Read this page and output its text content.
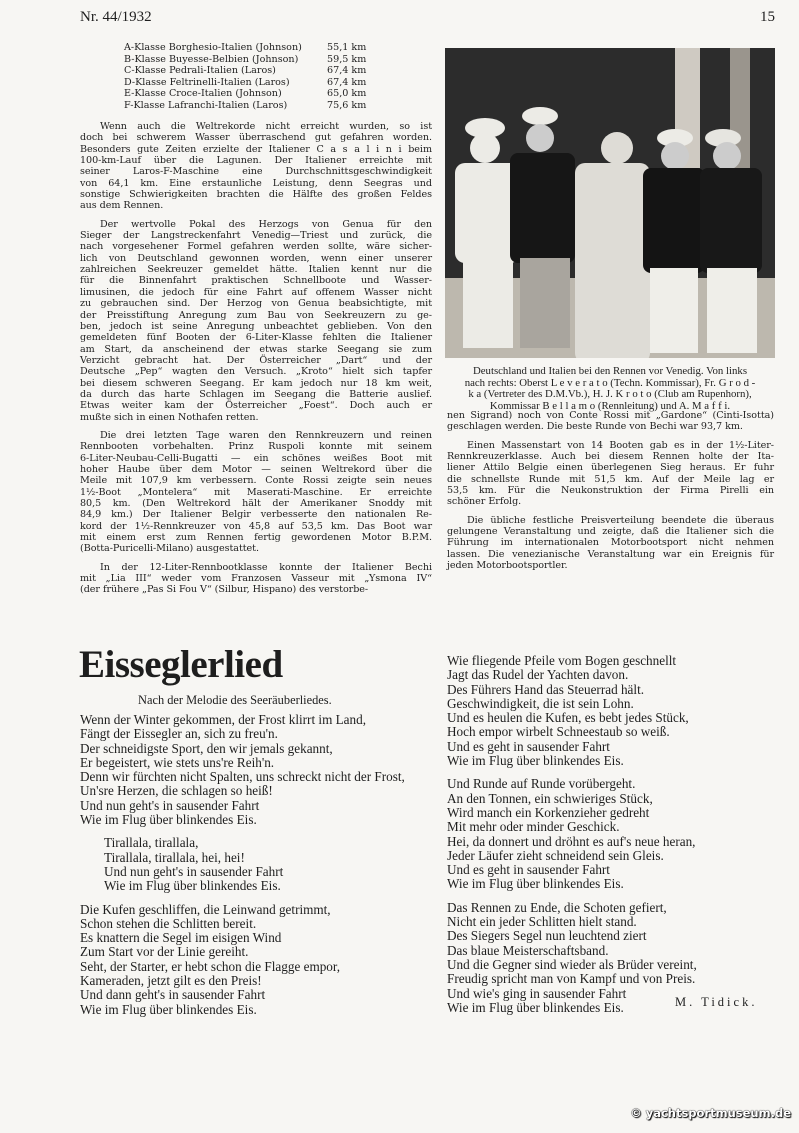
Nr. 44/1932	15
A-Klasse Borghesio-Italien (Johnson)	55,1 km
B-Klasse Buyesse-Belbien (Johnson)	59,5 km
C-Klasse Pedrali-Italien (Laros)	67,4 km
D-Klasse Feltrinelli-Italien (Laros)	67,4 km
E-Klasse Croce-Italien (Johnson)	65,0 km
F-Klasse Lafranchi-Italien (Laros)	75,6 km
Wenn auch die Weltrekorde nicht erreicht wurden, so ist
doch bei schwerem Wasser überraschend gut gefahren worden.
Besonders gute Zeiten erzielte der Italiener C a s a l i n i beim
100-km-Lauf über die Lagunen. Der Italiener erreichte mit
seiner Laros-F-Maschine eine Durchschnittsgeschwindigkeit
von 64,1 km. Eine erstaunliche Leistung, denn Seegras und
sonstige Schwierigkeiten brachten die Hälfte des großen Feldes
aus dem Rennen.
Der wertvolle Pokal des Herzogs von Genua für den
Sieger der Langstreckenfahrt Venedig—Triest und zurück, die
nach vorgesehener Formel gefahren werden sollte, wäre sicher-
lich von Deutschland gewonnen worden, wenn einer unserer
zahlreichen Seekreuzer gemeldet hätte. Italien kennt nur die
für die Binnenfahrt praktischen Schnellboote und Wasser-
limusinen, die jedoch für eine Fahrt auf offenem Wasser nicht
zu gebrauchen sind. Der Herzog von Genua beabsichtigte, mit
der Preisstiftung Anregung zum Bau von Seekreuzern zu ge-
ben, jedoch ist seine Anregung unbeachtet geblieben. Von den
gemeldeten fünf Booten der 6-Liter-Klasse fehlten die Italiener
am Start, da anscheinend der etwas starke Seegang sie zum
Verzicht gebracht hat. Der Österreicher „Dart“ und der
Deutsche „Pep“ wagten den Versuch. „Kroto“ hielt sich tapfer
bei diesem schweren Seegang. Er kam jedoch nur 18 km weit,
da durch das harte Schlagen im Seegang die Batterie auslief.
Etwas weiter kam der Österreicher „Foest“. Doch auch er
mußte sich in einen Nothafen retten.
Die drei letzten Tage waren den Rennkreuzern und reinen
Rennbooten vorbehalten. Prinz Ruspoli konnte mit seinem
6-Liter-Neubau-Celli-Bugatti — ein schönes weißes Boot mit
hoher Haube über dem Motor — seinen Weltrekord über die
Meile mit 107,9 km verbessern. Conte Rossi zeigte sein neues
1½-Boot „Montelera“ mit Maserati-Maschine. Er erreichte
80,5 km. (Den Weltrekord hält der Amerikaner Snoddy mit
84,9 km.) Der Italiener Belgir verbesserte den nationalen Re-
kord der 1½-Rennkreuzer von 45,8 auf 53,5 km. Das Boot war
mit einem erst zum Rennen fertig gewordenen Motor B.P.M.
(Botta-Puricelli-Milano) ausgestattet.
In der 12-Liter-Rennbootklasse konnte der Italiener Bechi
mit „Lia III“ weder vom Franzosen Vasseur mit „Ysmona IV“
(der frühere „Pas Si Fou V“ (Silbur, Hispano) des verstorbe-
Deutschland und Italien bei den Rennen vor Venedig. Von links
nach rechts: Oberst L e v e r a t o (Techn. Kommissar), Fr. G r o d -
k a (Vertreter des D.M.Vb.), H. J. K r o t o (Club am Rupenhorn),
Kommissar B e l l a m o (Rennleitung) und A. M a f f i.
nen Sigrand) noch von Conte Rossi mit „Gardone“ (Cinti-Isotta)
geschlagen werden. Die beste Runde von Bechi war 93,7 km.
Einen Massenstart von 14 Booten gab es in der 1½-Liter-
Rennkreuzerklasse. Auch bei diesem Rennen holte der Ita-
liener Attilo Belgie einen überlegenen Sieg heraus. Er fuhr
die schnellste Runde mit 51,5 km. Auf der Meile lag er
53,5 km. Für die Neukonstruktion der Firma Pirelli ein
schöner Erfolg.
Die übliche festliche Preisverteilung beendete die überaus
gelungene Veranstaltung und zeigte, daß die Italiener sich die
Führung im internationalen Motorbootsport nicht nehmen
lassen. Die venezianische Veranstaltung war ein Ereignis für
jeden Motorbootsportler.
Eisseglerlied
Nach der Melodie des Seeräuberliedes.
Wenn der Winter gekommen, der Frost klirrt im Land,
Fängt der Eissegler an, sich zu freu'n.
Der schneidigste Sport, den wir jemals gekannt,
Er begeistert, wie stets uns're Reih'n.
Denn wir fürchten nicht Spalten, uns schreckt nicht der Frost,
Un'sre Herzen, die schlagen so heiß!
Und nun geht's in sausender Fahrt
Wie im Flug über blinkendes Eis.
Tirallala, tirallala,
Tirallala, tirallala, hei, hei!
Und nun geht's in sausender Fahrt
Wie im Flug über blinkendes Eis.
Die Kufen geschliffen, die Leinwand getrimmt,
Schon stehen die Schlitten bereit.
Es knattern die Segel im eisigen Wind
Zum Start vor der Linie gereiht.
Seht, der Starter, er hebt schon die Flagge empor,
Kameraden, jetzt gilt es den Preis!
Und dann geht's in sausender Fahrt
Wie im Flug über blinkendes Eis.
Wie fliegende Pfeile vom Bogen geschnellt
Jagt das Rudel der Yachten davon.
Des Führers Hand das Steuerrad hält.
Geschwindigkeit, die ist sein Lohn.
Und es heulen die Kufen, es bebt jedes Stück,
Hoch empor wirbelt Schneestaub so weiß.
Und es geht in sausender Fahrt
Wie im Flug über blinkendes Eis.
Und Runde auf Runde vorübergeht.
An den Tonnen, ein schwieriges Stück,
Wird manch ein Korkenzieher gedreht
Mit mehr oder minder Geschick.
Hei, da donnert und dröhnt es auf's neue heran,
Jeder Läufer zieht schneidend sein Gleis.
Und es geht in sausender Fahrt
Wie im Flug über blinkendes Eis.
Das Rennen zu Ende, die Schoten gefiert,
Nicht ein jeder Schlitten hielt stand.
Des Siegers Segel nun leuchtend ziert
Das blaue Meisterschaftsband.
Und die Gegner sind wieder als Brüder vereint,
Freudig spricht man von Kampf und von Preis.
Und wie's ging in sausender Fahrt
Wie im Flug über blinkendes Eis.	M. Tidick.
© yachtsportmuseum.de
